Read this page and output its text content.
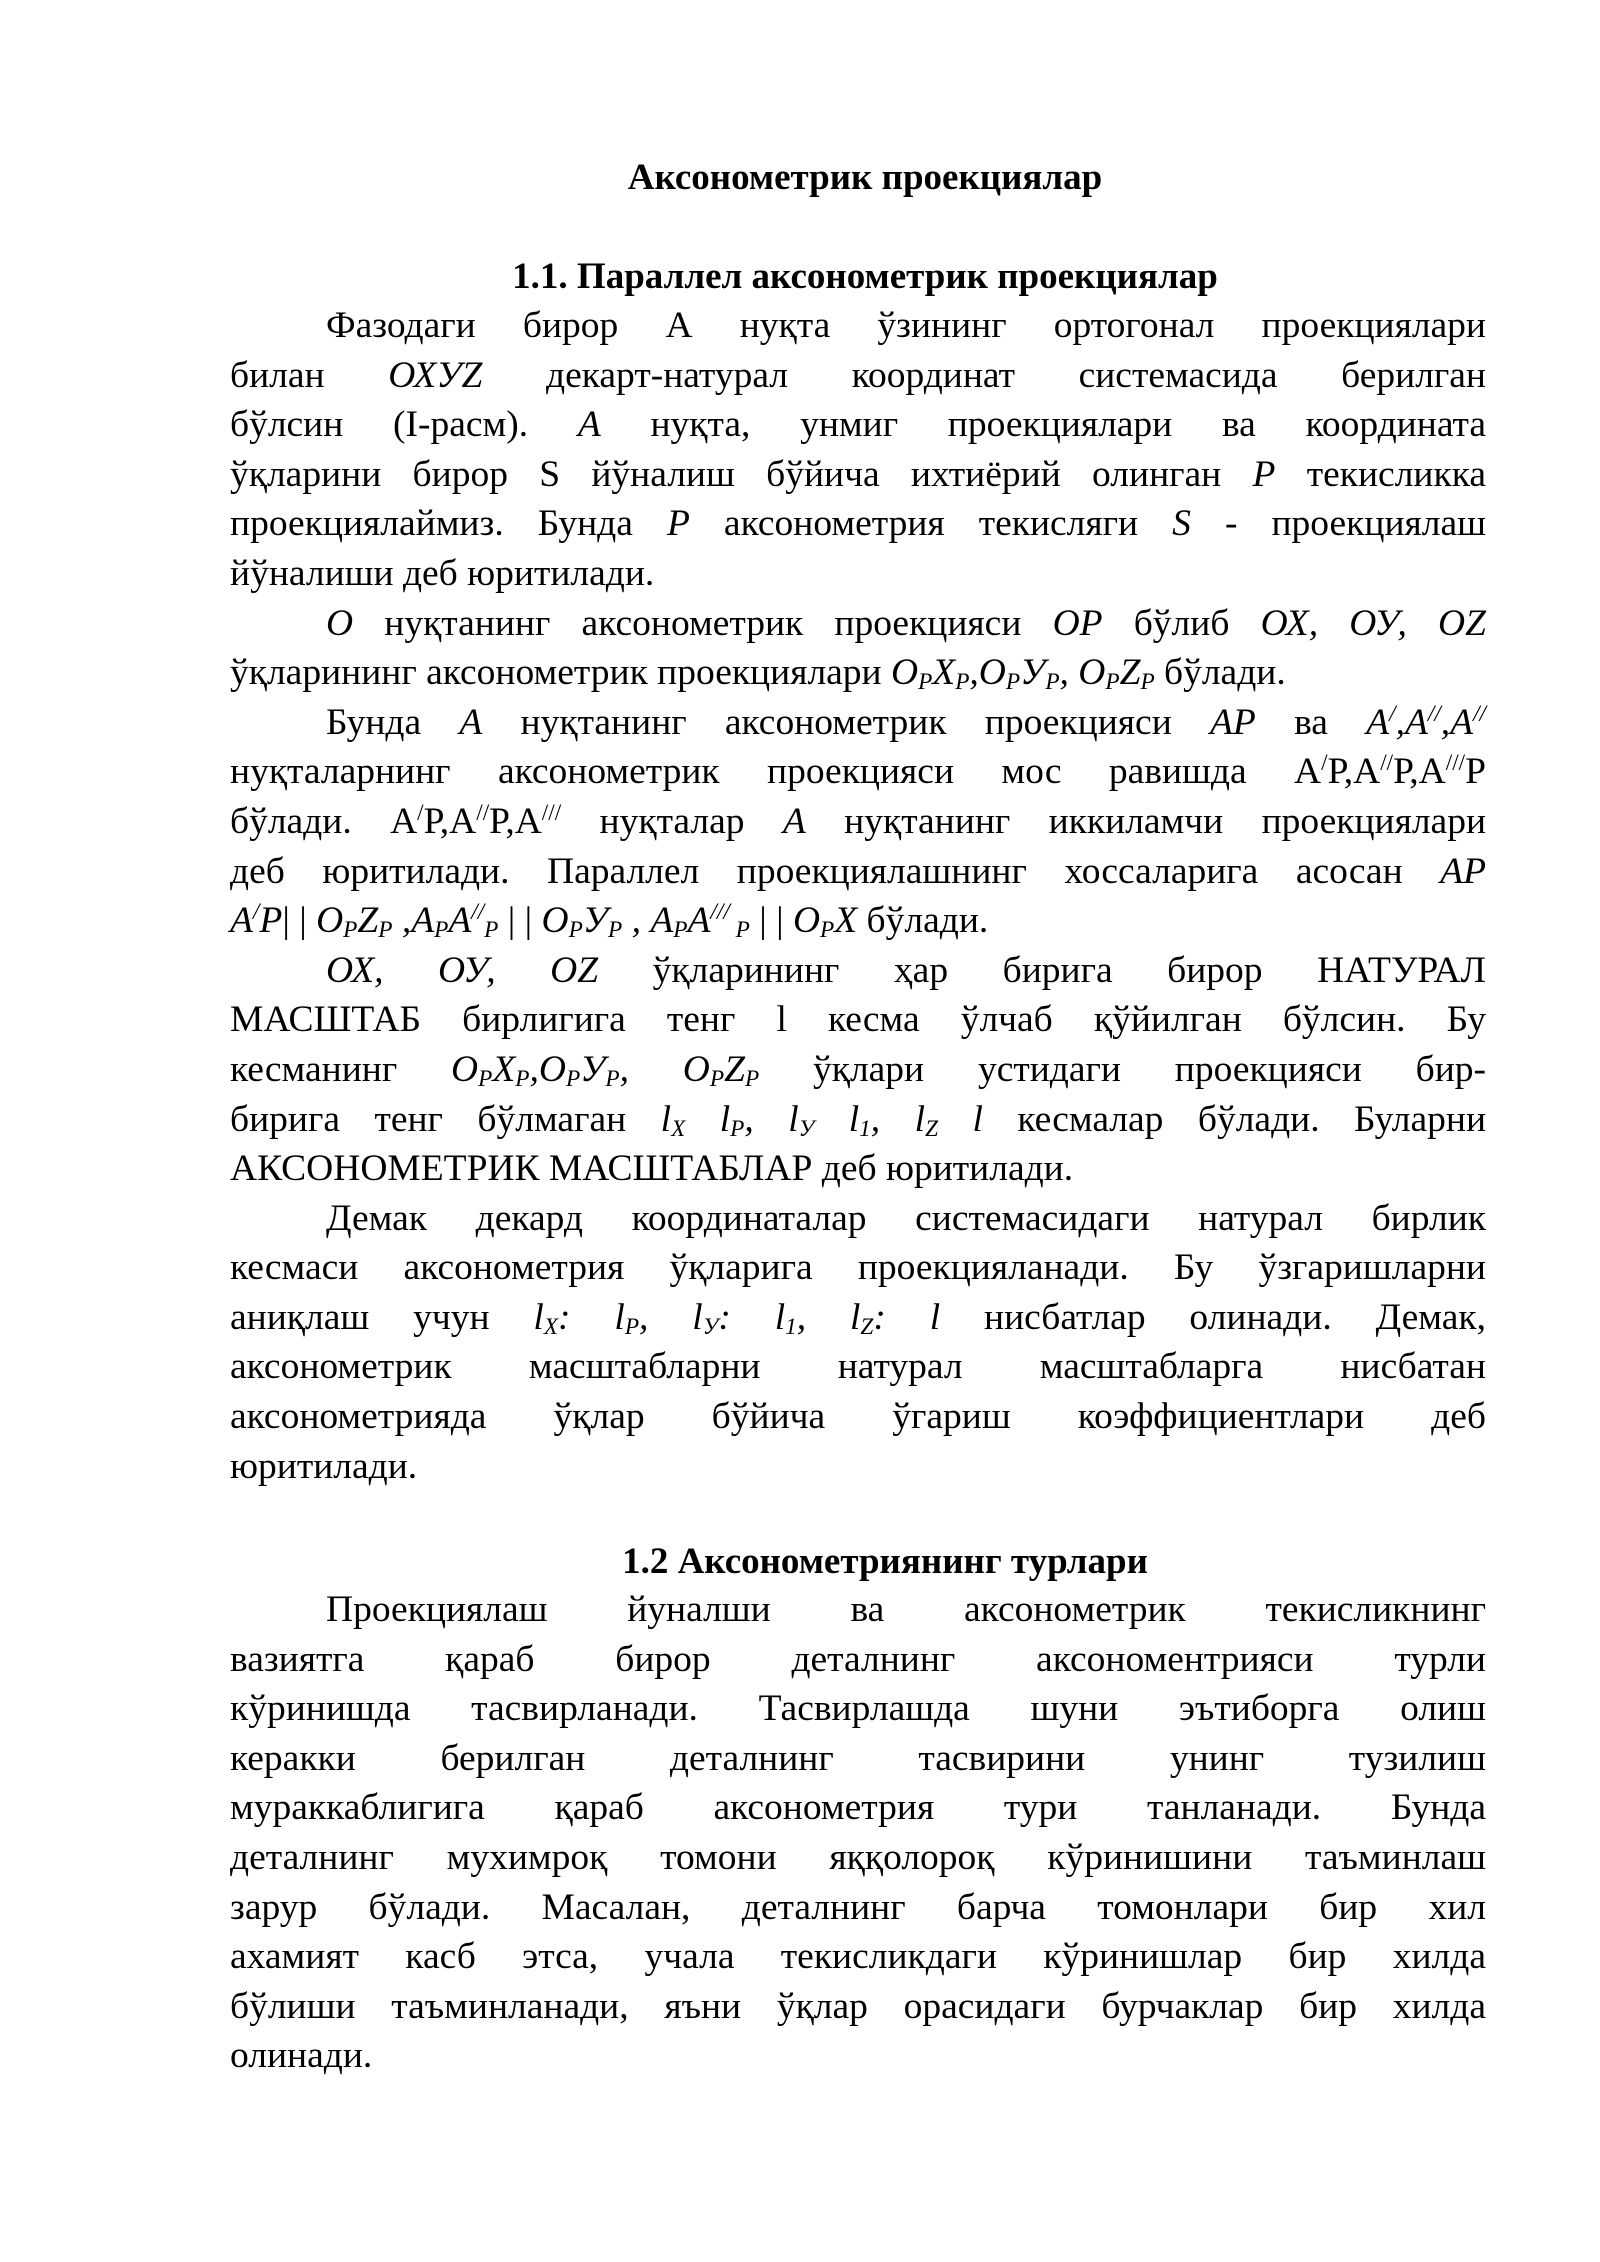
Аксонометрик проекциялар
1.1. Параллел аксонометрик проекциялар
Фазодаги бирор А нуқта ўзининг ортогонал проекциялари
билан ОХУZ декарт-натурал координат системасида берилган
бўлсин (I-расм). А нуқта, унмиг проекциялари ва координата
ўқларини бирор S йўналиш бўйича ихтиёрий олинган Р текисликка
проекциялаймиз. Бунда Р аксонометрия текисляги S - проекциялаш
йўналиши деб юритилади.
О нуқтанинг аксонометрик проекцияси ОР бўлиб ОХ, ОУ, ОZ
ўқларининг аксонометрик проекциялари $О_РХ_Р,О_РУ_Р$, $О_РZ_Р$ бўлади.
Бунда А нуқтанинг аксонометрик проекцияси АР ва А/,А//,А//
нуқталарнинг аксонометрик проекцияси мос равишда А/Р,А//Р,А///Р
бўлади. А/Р,А//Р,А/// нуқталар А нуқтанинг иккиламчи проекциялари
деб юритилади. Параллел проекциялашнинг хоссаларига асосан АР
А/Р| | $О_РZ_Р$ $,А_РА^{//}_Р$ | | $О_РУ_Р$ , $А_РА^{///}$ $_Р$ | | $О_РХ$ бўлади.
ОХ, ОУ, ОZ ўқларининг ҳар бирига бирор НАТУРАЛ
МАСШТАБ бирлигига тенг l кесма ўлчаб қўйилган бўлсин. Бу
кесманинг $О_РХ_Р,О_РУ_Р$, $О_РZ_Р$ ўқлари устидаги проекцияси бир-
бирига тенг бўлмаган $l_Х$ $l_Р$, $l_У$ $l_1$, $l_Z$ l кесмалар бўлади. Буларни
АКСОНОМЕТРИК МАСШТАБЛАР деб юритилади.
Демак декард координаталар системасидаги натурал бирлик
кесмаси аксонометрия ўқларига проекцияланади. Бу ўзгаришларни
аниқлаш учун $l_Х$: $l_Р$, $l_У$: $l_1$, $l_Z$: l нисбатлар олинади. Демак,
аксонометрик масштабларни натурал масштабларга нисбатан
аксонометрияда ўқлар бўйича ўгариш коэффициентлари деб
юритилади.
1.2 Аксонометриянинг турлари
Проекциялаш йуналши ва аксонометрик текисликнинг
вазиятга қараб бирор деталнинг аксономентрияси турли
кўринишда тасвирланади. Тасвирлашда шуни эътиборга олиш
керакки берилган деталнинг тасвирини унинг тузилиш
мураккаблигига қараб аксонометрия тури танланади. Бунда
деталнинг мухимроқ томони яққолороқ кўринишини таъминлаш
зарур бўлади. Масалан, деталнинг барча томонлари бир хил
ахамият касб этса, учала текисликдаги кўринишлар бир хилда
бўлиши таъминланади, яъни ўқлар орасидаги бурчаклар бир хилда
олинади.
